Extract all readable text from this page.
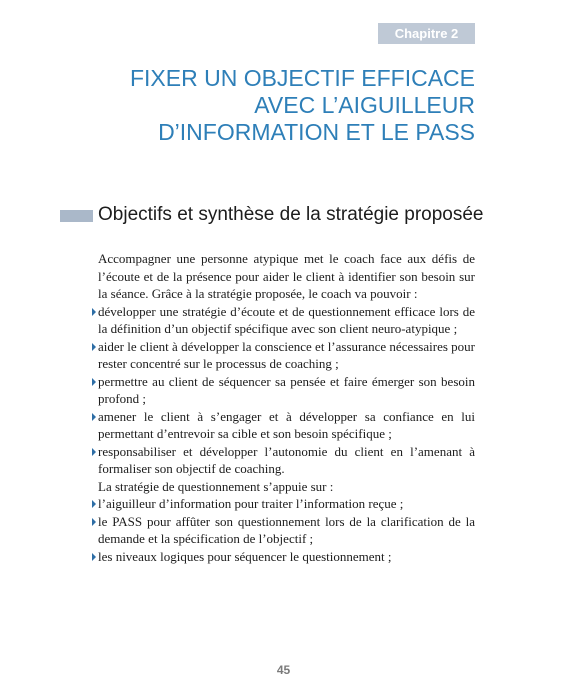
Chapitre 2
FIXER UN OBJECTIF EFFICACE
AVEC L’AIGUILLEUR
D’INFORMATION ET LE PASS
Objectifs et synthèse de la stratégie proposée

Accompagner une personne atypique met le coach face aux défis de l’écoute et de la présence pour aider le client à identifier son besoin sur la séance. Grâce à la stratégie proposée, le coach va pouvoir :

développer une stratégie d’écoute et de questionnement efficace lors de la définition d’un objectif spécifique avec son client neuro-atypique ;
aider le client à développer la conscience et l’assurance nécessaires pour rester concentré sur le processus de coaching ;
permettre au client de séquencer sa pensée et faire émerger son besoin profond ;
amener le client à s’engager et à développer sa confiance en lui permettant d’entrevoir sa cible et son besoin spécifique ;
responsabiliser et développer l’autonomie du client en l’amenant à formaliser son objectif de coaching.

La stratégie de questionnement s’appuie sur :

l’aiguilleur d’information pour traiter l’information reçue ;
le PASS pour affûter son questionnement lors de la clarification de la demande et la spécification de l’objectif ;
les niveaux logiques pour séquencer le questionnement ;
45
